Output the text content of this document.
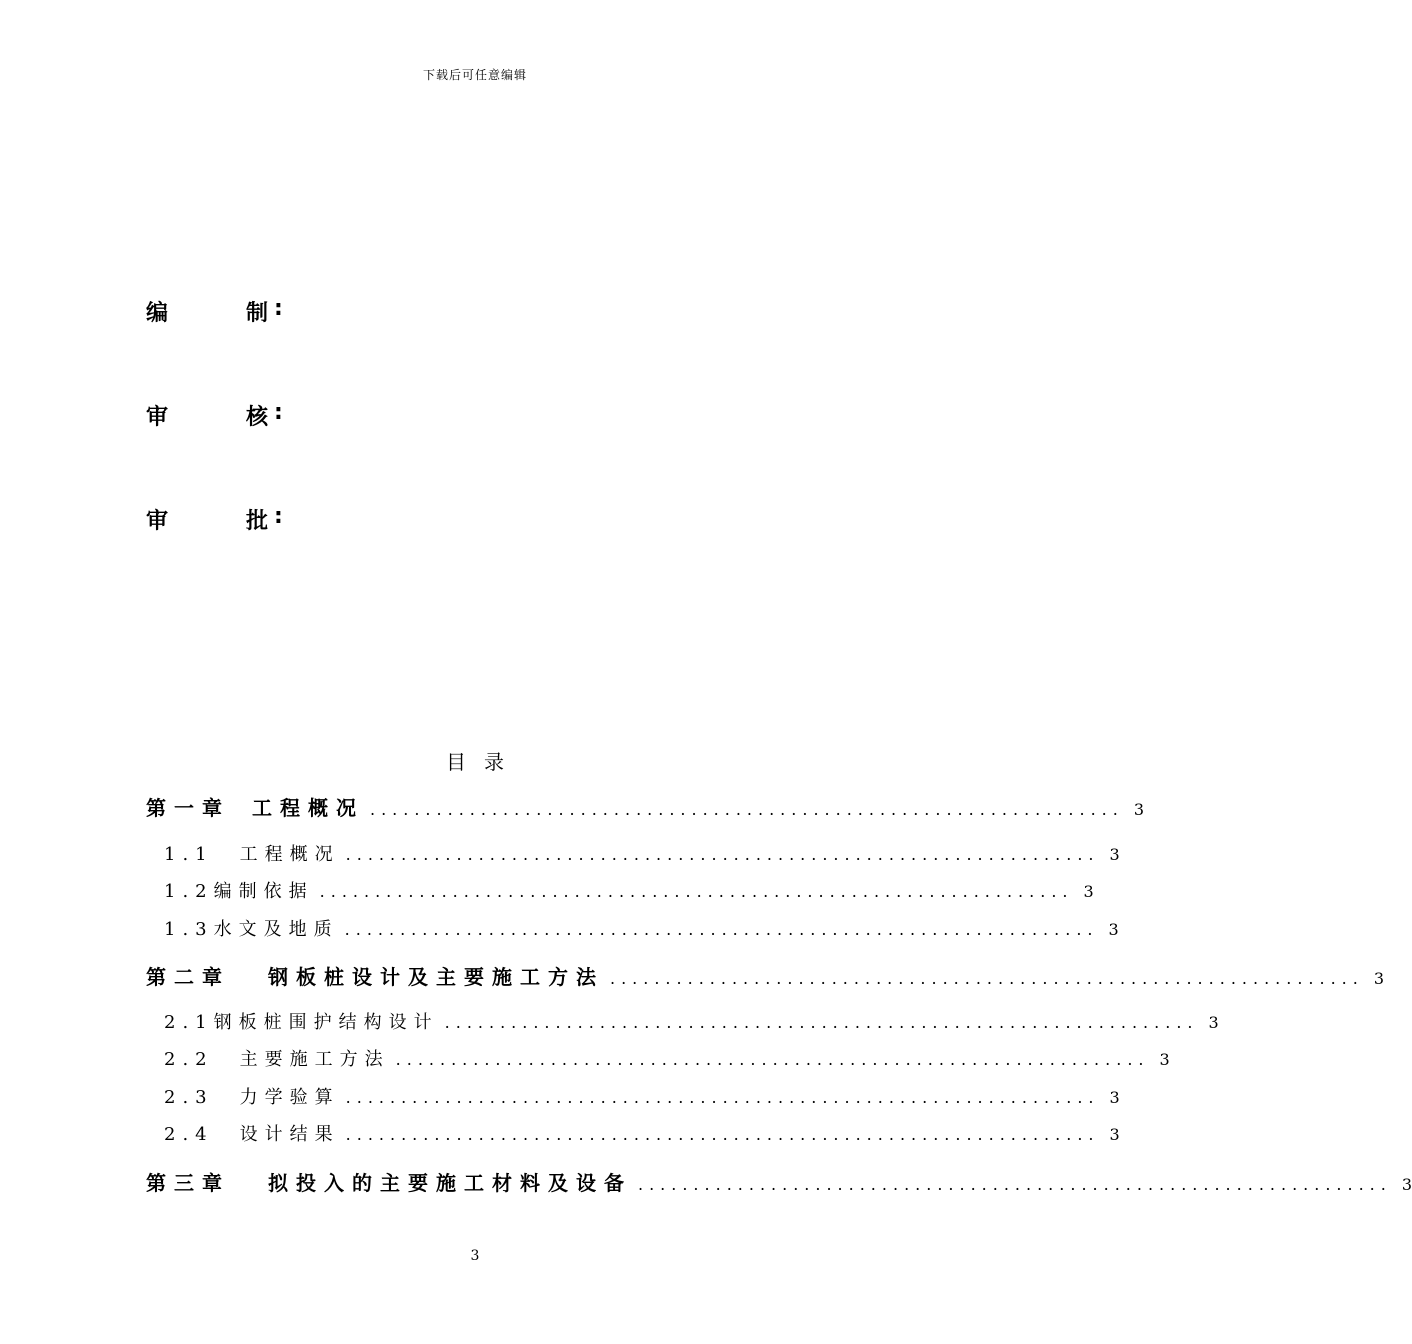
下载后可任意编辑
编	制 :
审	核 :
审	批 :
目录
第一章 工程概况 .................................................................... 3
1.1 工程概况 .................................................................... 3
1.2 编制依据 .................................................................... 3
1.3 水文及地质 .................................................................... 3
第二章 钢板桩设计及主要施工方法 .................................................................... 3
2.1 钢板桩围护结构设计 .................................................................... 3
2.2 主要施工方法 .................................................................... 3
2.3 力学验算 .................................................................... 3
2.4 设计结果 .................................................................... 3
第三章 拟投入的主要施工材料及设备 .................................................................... 3
3
